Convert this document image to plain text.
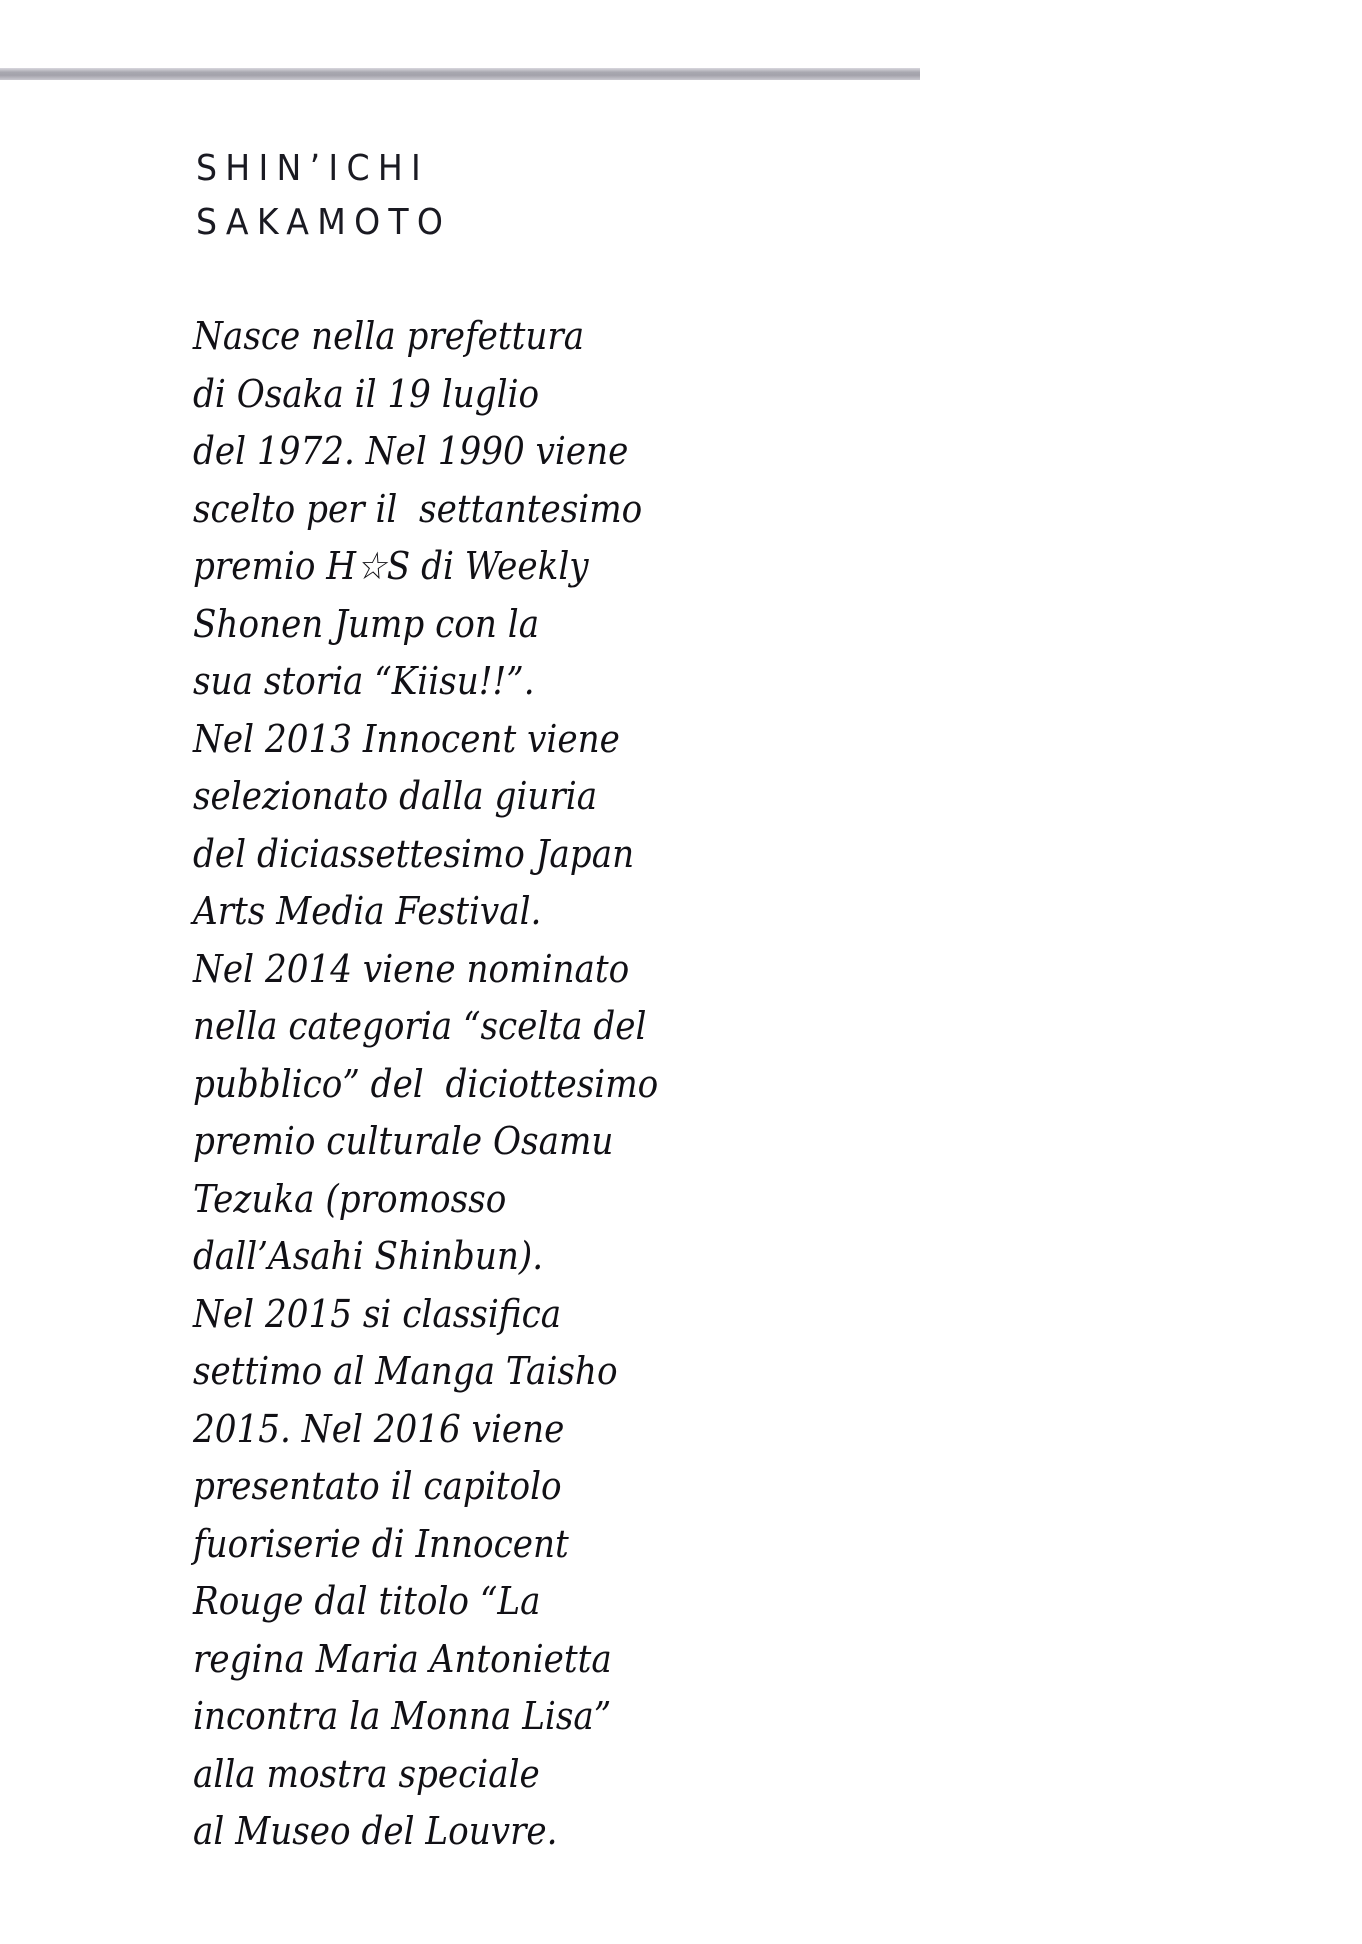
SHIN’ICHI
SAKAMOTO

Nasce nella prefettura
di Osaka il 19 luglio
del 1972. Nel 1990 viene
scelto per il  settantesimo
premio H☆S di Weekly
Shonen Jump con la
sua storia “Kiisu!!”.
Nel 2013 Innocent viene
selezionato dalla giuria
del diciassettesimo Japan
Arts Media Festival.
Nel 2014 viene nominato
nella categoria “scelta del
pubblico” del  diciottesimo
premio culturale Osamu
Tezuka (promosso
dall’Asahi Shinbun).
Nel 2015 si classifica
settimo al Manga Taisho
2015. Nel 2016 viene
presentato il capitolo
fuoriserie di Innocent
Rouge dal titolo “La
regina Maria Antonietta
incontra la Monna Lisa”
alla mostra speciale
al Museo del Louvre.
